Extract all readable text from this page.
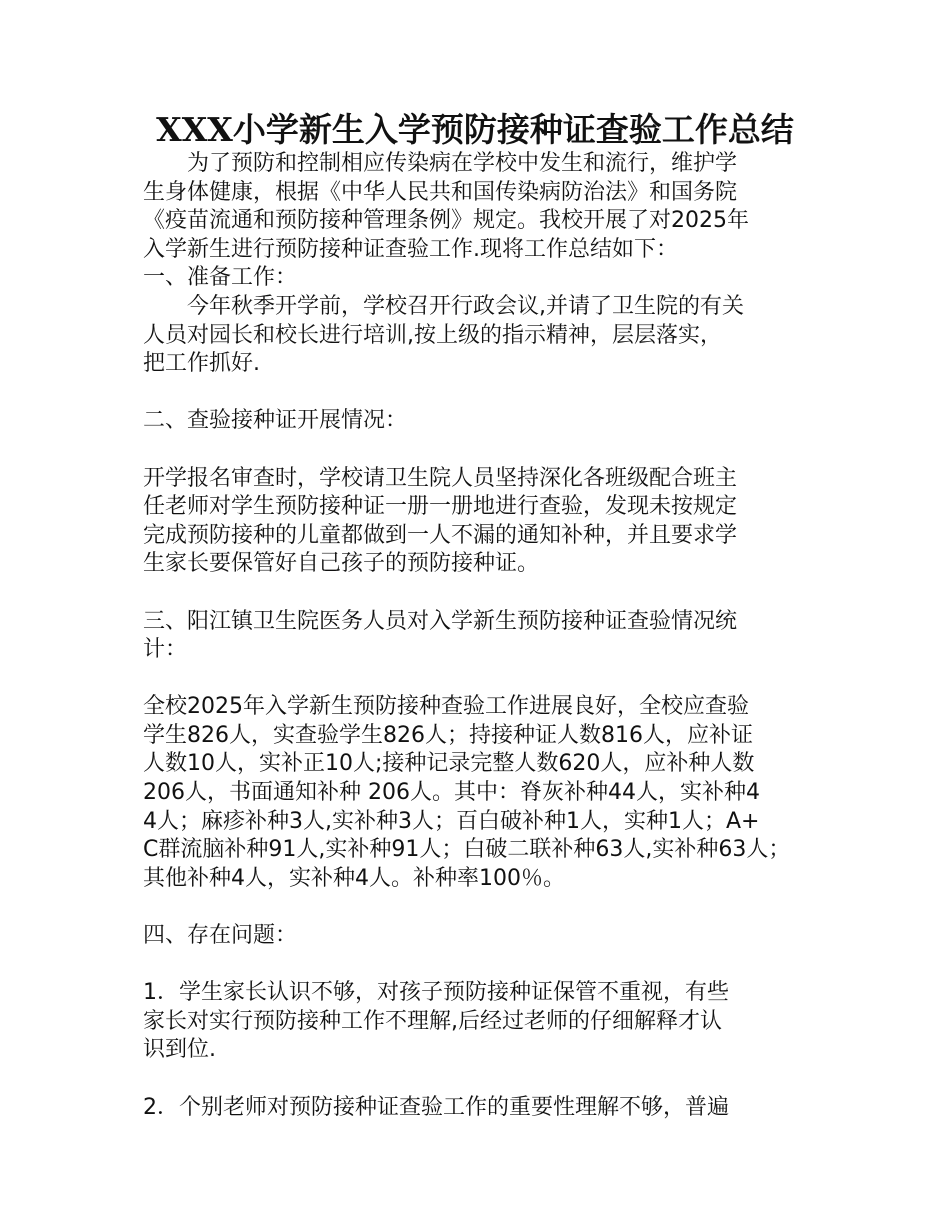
XXX小学新生入学预防接种证查验工作总结
　　为了预防和控制相应传染病在学校中发生和流行，维护学
生身体健康，根据《中华人民共和国传染病防治法》和国务院
《疫苗流通和预防接种管理条例》规定。我校开展了对2025年
入学新生进行预防接种证查验工作.现将工作总结如下：
一、准备工作：
　　今年秋季开学前，学校召开行政会议,并请了卫生院的有关
人员对园长和校长进行培训,按上级的指示精神，层层落实，
把工作抓好.
二、查验接种证开展情况：
开学报名审查时，学校请卫生院人员坚持深化各班级配合班主
任老师对学生预防接种证一册一册地进行查验，发现未按规定
完成预防接种的儿童都做到一人不漏的通知补种，并且要求学
生家长要保管好自己孩子的预防接种证。
三、阳江镇卫生院医务人员对入学新生预防接种证查验情况统
计：
全校2025年入学新生预防接种查验工作进展良好，全校应查验
学生826人，实查验学生826人；持接种证人数816人，应补证
人数10人，实补正10人;接种记录完整人数620人，应补种人数
206人，书面通知补种 206人。其中：脊灰补种44人，实补种4
4人；麻疹补种3人,实补种3人；百白破补种1人，实种1人；A+
C群流脑补种91人,实补种91人；白破二联补种63人,实补种63人；
其他补种4人，实补种4人。补种率100％。
四、存在问题：
1．学生家长认识不够，对孩子预防接种证保管不重视，有些
家长对实行预防接种工作不理解,后经过老师的仔细解释才认
识到位.
2．个别老师对预防接种证查验工作的重要性理解不够，普遍
